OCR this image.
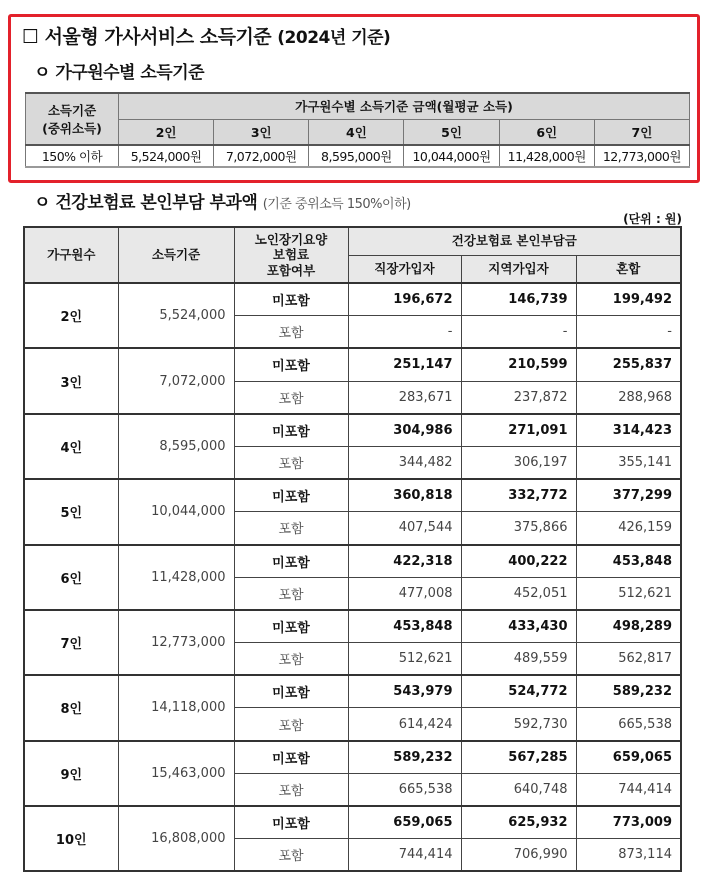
☐ 서울형 가사서비스 소득기준 (2024년 기준)
ㅇ 가구원수별 소득기준
소득기준
(중위소득)	가구원수별 소득기준 금액(월평균 소득)					
	2인	3인	4인	5인	6인	7인
150% 이하	5,524,000원	7,072,000원	8,595,000원	10,044,000원	11,428,000원	12,773,000원
ㅇ 건강보험료 본인부담 부과액 (기준 중위소득 150%이하)
(단위 : 원)
가구원수	소득기준	노인장기요양
보험료
포함여부	건강보험료 본인부담금		
			직장가입자	지역가입자	혼합
2인	5,524,000	미포함	196,672	146,739	199,492
		포함	-	-	-
3인	7,072,000	미포함	251,147	210,599	255,837
		포함	283,671	237,872	288,968
4인	8,595,000	미포함	304,986	271,091	314,423
		포함	344,482	306,197	355,141
5인	10,044,000	미포함	360,818	332,772	377,299
		포함	407,544	375,866	426,159
6인	11,428,000	미포함	422,318	400,222	453,848
		포함	477,008	452,051	512,621
7인	12,773,000	미포함	453,848	433,430	498,289
		포함	512,621	489,559	562,817
8인	14,118,000	미포함	543,979	524,772	589,232
		포함	614,424	592,730	665,538
9인	15,463,000	미포함	589,232	567,285	659,065
		포함	665,538	640,748	744,414
10인	16,808,000	미포함	659,065	625,932	773,009
		포함	744,414	706,990	873,114
